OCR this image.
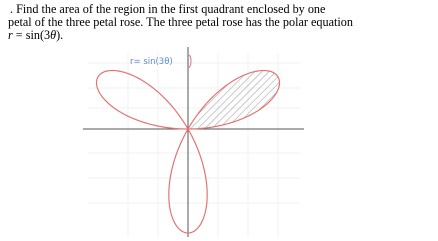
. Find the area of the region in the first quadrant enclosed by one

petal of the three petal rose. The three petal rose has the polar equation

r = sin(3θ).

r= sin(3θ)
